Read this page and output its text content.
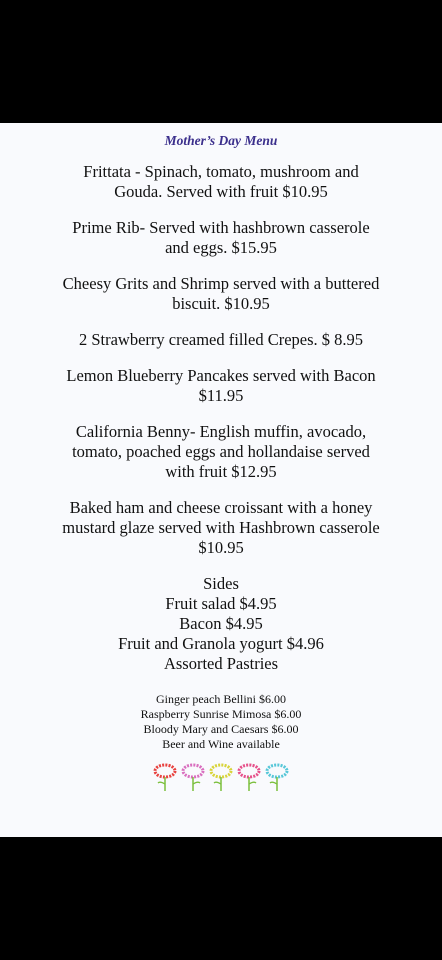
Mother’s Day Menu
Frittata - Spinach, tomato, mushroom and
Gouda. Served with fruit $10.95
Prime Rib- Served with hashbrown casserole
and eggs. $15.95
Cheesy Grits and Shrimp served with a buttered
biscuit. $10.95
2 Strawberry creamed filled Crepes. $ 8.95
Lemon Blueberry Pancakes served with Bacon
$11.95
California Benny- English muffin, avocado,
tomato, poached eggs and hollandaise served
with fruit $12.95
Baked ham and cheese croissant with a honey
mustard glaze served with Hashbrown casserole
$10.95
Sides
Fruit salad $4.95
Bacon $4.95
Fruit and Granola yogurt $4.96
Assorted Pastries
Ginger peach Bellini $6.00
Raspberry Sunrise Mimosa $6.00
Bloody Mary and Caesars $6.00
Beer and Wine available
